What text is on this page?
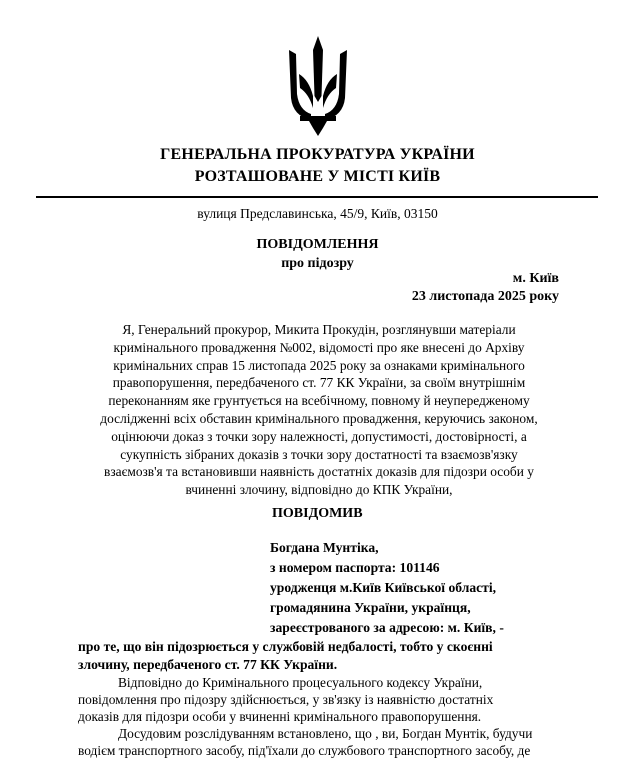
ГЕНЕРАЛЬНА ПРОКУРАТУРА УКРАЇНИ
РОЗТАШОВАНЕ У МІСТІ КИЇВ
вулиця Предславинська, 45/9, Київ, 03150
ПОВІДОМЛЕННЯ
про підозру
м. Київ
23 листопада 2025 року
Я, Генеральний прокурор, Микита Прокудін, розглянувши матеріали
кримінального провадження №002, відомості про яке внесені до Архіву
кримінальних справ 15 листопада 2025 року за ознаками кримінального
правопорушення, передбаченого ст. 77 КК України, за своїм внутрішнім
переконанням яке грунтується на всебічному, повному й неупередженому
дослідженні всіх обставин кримінального провадження, керуючись законом,
оцінюючи доказ з точки зору належності, допустимості, достовірності, а
сукупність зібраних доказів з точки зору достатності та взаємозв'язку
взаємозв'я та встановивши наявність достатніх доказів для підозри особи у
вчиненні злочину, відповідно до КПК України,
ПОВІДОМИВ
Богдана Мунтіка,
з номером паспорта: 101146
уродженця м.Київ Київської області,
громадянина України, українця,
зареєстрованого за адресою: м. Київ, -
про те, що він підозрюється у службовій недбалості, тобто у скоєнні
злочину, передбаченого ст. 77 КК України.
Відповідно до Кримінального процесуального кодексу України,
повідомлення про підозру здійснюється, у зв'язку із наявністю достатніх
доказів для підозри особи у вчиненні кримінального правопорушення.
Досудовим розслідуванням встановлено, що , ви, Богдан Мунтік, будучи
водієм транспортного засобу, під'їхали до службового транспортного засобу, де
